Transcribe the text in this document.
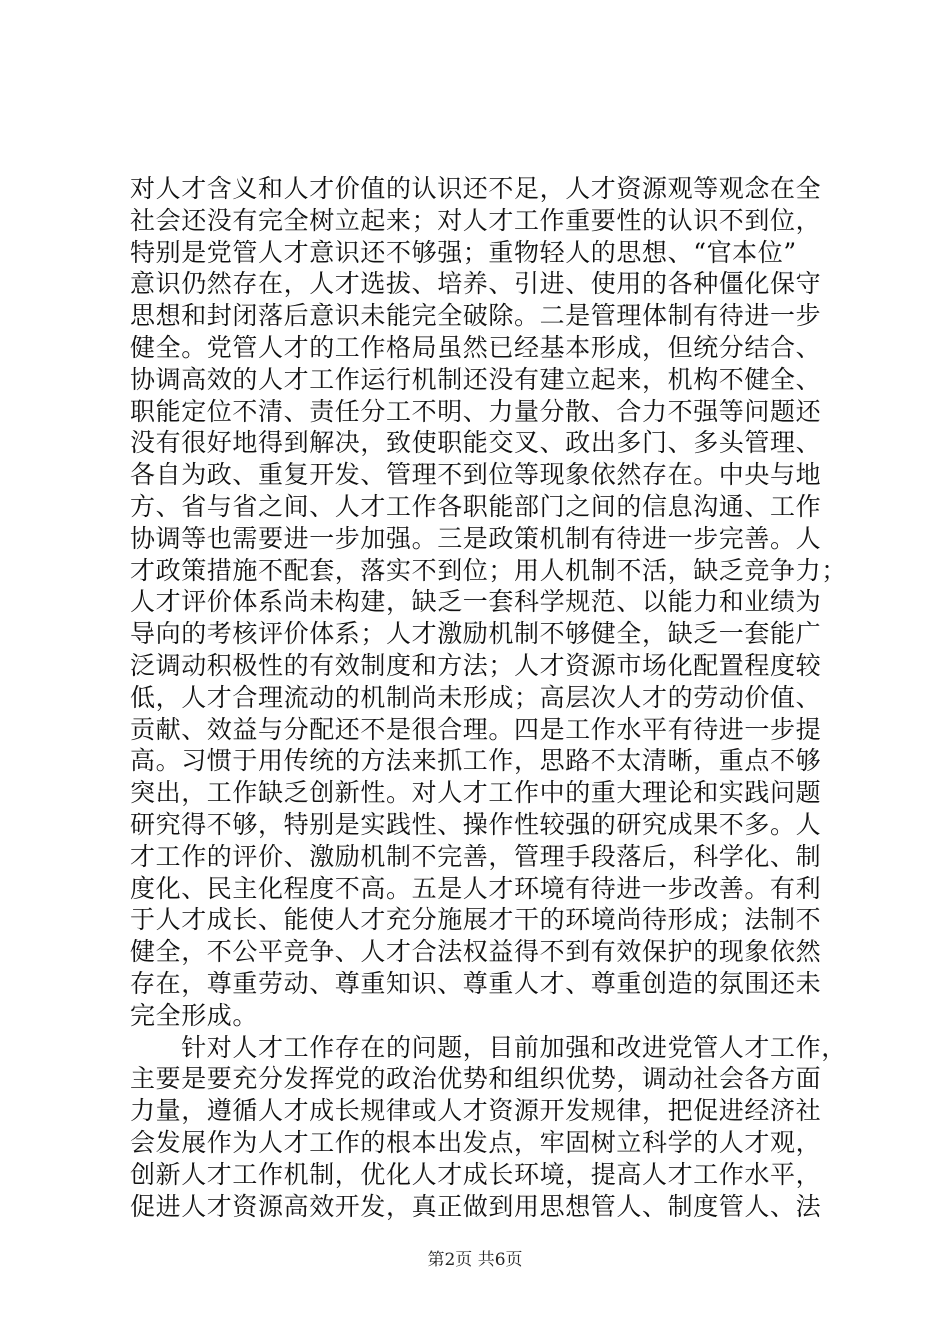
对人才含义和人才价值的认识还不足，人才资源观等观念在全
社会还没有完全树立起来；对人才工作重要性的认识不到位，
特别是党管人才意识还不够强；重物轻人的思想、“官本位”
意识仍然存在，人才选拔、培养、引进、使用的各种僵化保守
思想和封闭落后意识未能完全破除。二是管理体制有待进一步
健全。党管人才的工作格局虽然已经基本形成，但统分结合、
协调高效的人才工作运行机制还没有建立起来，机构不健全、
职能定位不清、责任分工不明、力量分散、合力不强等问题还
没有很好地得到解决，致使职能交叉、政出多门、多头管理、
各自为政、重复开发、管理不到位等现象依然存在。中央与地
方、省与省之间、人才工作各职能部门之间的信息沟通、工作
协调等也需要进一步加强。三是政策机制有待进一步完善。人
才政策措施不配套，落实不到位；用人机制不活，缺乏竞争力；
人才评价体系尚未构建，缺乏一套科学规范、以能力和业绩为
导向的考核评价体系；人才激励机制不够健全，缺乏一套能广
泛调动积极性的有效制度和方法；人才资源市场化配置程度较
低，人才合理流动的机制尚未形成；高层次人才的劳动价值、
贡献、效益与分配还不是很合理。四是工作水平有待进一步提
高。习惯于用传统的方法来抓工作，思路不太清晰，重点不够
突出，工作缺乏创新性。对人才工作中的重大理论和实践问题
研究得不够，特别是实践性、操作性较强的研究成果不多。人
才工作的评价、激励机制不完善，管理手段落后，科学化、制
度化、民主化程度不高。五是人才环境有待进一步改善。有利
于人才成长、能使人才充分施展才干的环境尚待形成；法制不
健全，不公平竞争、人才合法权益得不到有效保护的现象依然
存在，尊重劳动、尊重知识、尊重人才、尊重创造的氛围还未
完全形成。
　　针对人才工作存在的问题，目前加强和改进党管人才工作，
主要是要充分发挥党的政治优势和组织优势，调动社会各方面
力量，遵循人才成长规律或人才资源开发规律，把促进经济社
会发展作为人才工作的根本出发点，牢固树立科学的人才观，
创新人才工作机制，优化人才成长环境，提高人才工作水平，
促进人才资源高效开发，真正做到用思想管人、制度管人、法
第2页 共6页
